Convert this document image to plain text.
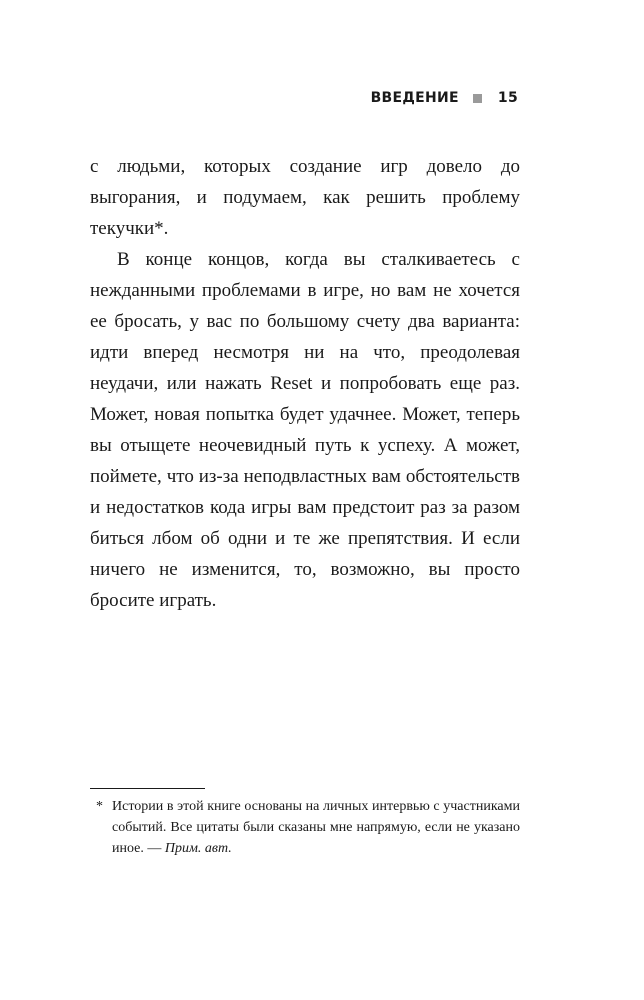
ВВЕДЕНИЕ	15

с людьми, которых создание игр довело до выгорания, и подумаем, как решить проблему текучки*.

В конце концов, когда вы сталкиваетесь с нежданными проблемами в игре, но вам не хочется ее бросать, у вас по большому счету два варианта: идти вперед несмотря ни на что, преодолевая неудачи, или нажать Reset и попробовать еще раз. Может, новая попытка будет удачнее. Может, теперь вы отыщете неочевидный путь к успеху. А может, поймете, что из-за неподвластных вам обстоятельств и недостатков кода игры вам предстоит раз за разом биться лбом об одни и те же препятствия. И если ничего не изменится, то, возможно, вы просто бросите играть.

* Истории в этой книге основаны на личных интервью с участниками событий. Все цитаты были сказаны мне напрямую, если не указано иное. — Прим. авт.
